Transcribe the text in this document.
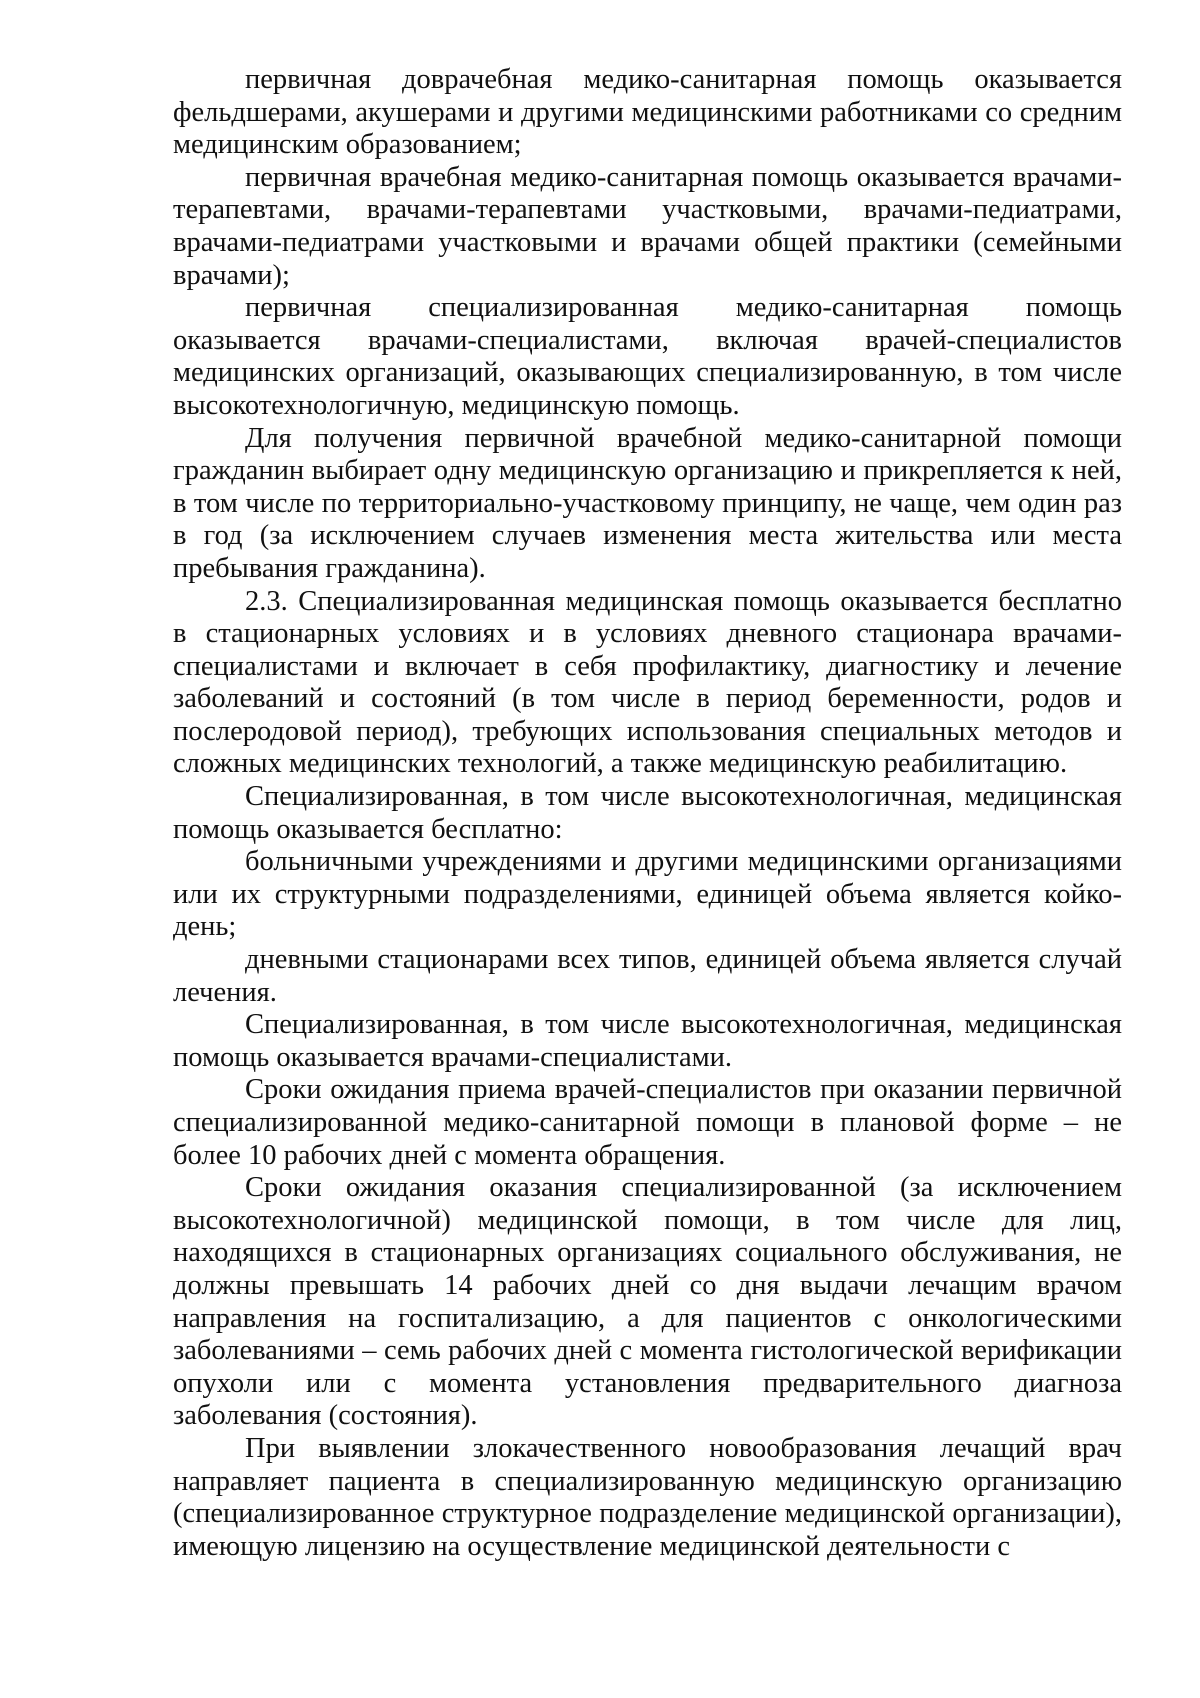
первичная доврачебная медико-санитарная помощь оказывается фельдшерами, акушерами и другими медицинскими работниками со средним медицинским образованием;

первичная врачебная медико-санитарная помощь оказывается врачами-терапевтами, врачами-терапевтами участковыми, врачами-педиатрами, врачами-педиатрами участковыми и врачами общей практики (семейными врачами);

первичная специализированная медико-санитарная помощь оказывается врачами-специалистами, включая врачей-специалистов медицинских организаций, оказывающих специализированную, в том числе высокотехнологичную, медицинскую помощь.

Для получения первичной врачебной медико-санитарной помощи гражданин выбирает одну медицинскую организацию и прикрепляется к ней, в том числе по территориально-участковому принципу, не чаще, чем один раз в год (за исключением случаев изменения места жительства или места пребывания гражданина).

2.3. Специализированная медицинская помощь оказывается бесплатно в стационарных условиях и в условиях дневного стационара врачами-специалистами и включает в себя профилактику, диагностику и лечение заболеваний и состояний (в том числе в период беременности, родов и послеродовой период), требующих использования специальных методов и сложных медицинских технологий, а также медицинскую реабилитацию.

Специализированная, в том числе высокотехнологичная, медицинская помощь оказывается бесплатно:

больничными учреждениями и другими медицинскими организациями или их структурными подразделениями, единицей объема является койко-день;

дневными стационарами всех типов, единицей объема является случай лечения.

Специализированная, в том числе высокотехнологичная, медицинская помощь оказывается врачами-специалистами.

Сроки ожидания приема врачей-специалистов при оказании первичной специализированной медико-санитарной помощи в плановой форме – не более 10 рабочих дней с момента обращения.

Сроки ожидания оказания специализированной (за исключением высокотехнологичной) медицинской помощи, в том числе для лиц, находящихся в стационарных организациях социального обслуживания, не должны превышать 14 рабочих дней со дня выдачи лечащим врачом направления на госпитализацию, а для пациентов с онкологическими заболеваниями – семь рабочих дней с момента гистологической верификации опухоли или с момента установления предварительного диагноза заболевания (состояния).

При выявлении злокачественного новообразования лечащий врач направляет пациента в специализированную медицинскую организацию (специализированное структурное подразделение медицинской организации), имеющую лицензию на осуществление медицинской деятельности с
